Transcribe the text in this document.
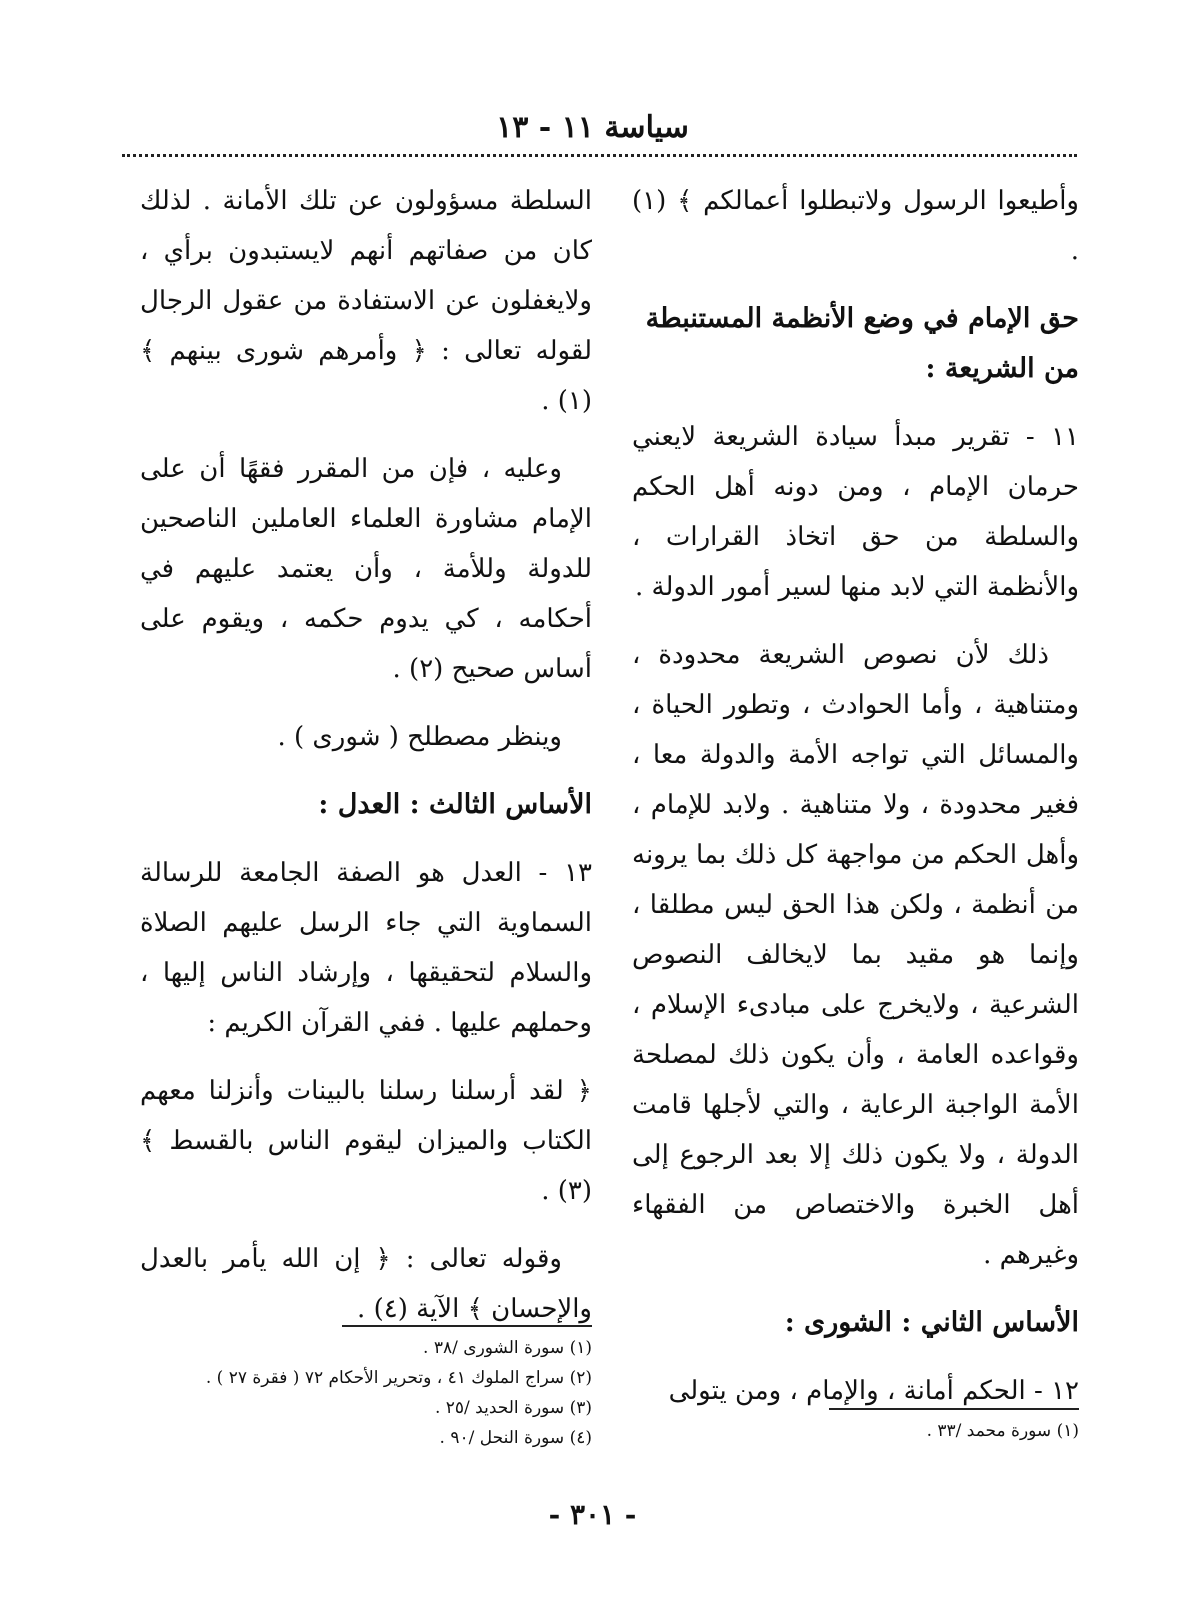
سياسة ١١ - ١٣

وأطيعوا الرسول ولاتبطلوا أعمالكم ﴾ (١) .

حق الإمام في وضع الأنظمة المستنبطة من الشريعة :

١١ - تقرير مبدأ سيادة الشريعة لايعني حرمان الإمام ، ومن دونه أهل الحكم والسلطة من حق اتخاذ القرارات ، والأنظمة التي لابد منها لسير أمور الدولة .

ذلك لأن نصوص الشريعة محدودة ، ومتناهية ، وأما الحوادث ، وتطور الحياة ، والمسائل التي تواجه الأمة والدولة معا ، فغير محدودة ، ولا متناهية . ولابد للإمام ، وأهل الحكم من مواجهة كل ذلك بما يرونه من أنظمة ، ولكن هذا الحق ليس مطلقا ، وإنما هو مقيد بما لايخالف النصوص الشرعية ، ولايخرج على مبادىء الإسلام ، وقواعده العامة ، وأن يكون ذلك لمصلحة الأمة الواجبة الرعاية ، والتي لأجلها قامت الدولة ، ولا يكون ذلك إلا بعد الرجوع إلى أهل الخبرة والاختصاص من الفقهاء وغيرهم .

الأساس الثاني : الشورى :

١٢ - الحكم أمانة ، والإمام ، ومن يتولى

(١) سورة محمد /٣٣ .

السلطة مسؤولون عن تلك الأمانة . لذلك كان من صفاتهم أنهم لايستبدون برأي ، ولايغفلون عن الاستفادة من عقول الرجال لقوله تعالى : ﴿ وأمرهم شورى بينهم ﴾ (١) .

وعليه ، فإن من المقرر فقهًا أن على الإمام مشاورة العلماء العاملين الناصحين للدولة وللأمة ، وأن يعتمد عليهم في أحكامه ، كي يدوم حكمه ، ويقوم على أساس صحيح (٢) .

وينظر مصطلح ( شورى ) .

الأساس الثالث : العدل :

١٣ - العدل هو الصفة الجامعة للرسالة السماوية التي جاء الرسل عليهم الصلاة والسلام لتحقيقها ، وإرشاد الناس إليها ، وحملهم عليها . ففي القرآن الكريم :

﴿ لقد أرسلنا رسلنا بالبينات وأنزلنا معهم الكتاب والميزان ليقوم الناس بالقسط ﴾ (٣) .

وقوله تعالى : ﴿ إن الله يأمر بالعدل والإحسان ﴾ الآية (٤) .

(١) سورة الشورى /٣٨ .
(٢) سراج الملوك ٤١ ، وتحرير الأحكام ٧٢ ( فقرة ٢٧ ) .
(٣) سورة الحديد /٢٥ .
(٤) سورة النحل /٩٠ .
- ٣٠١ -
